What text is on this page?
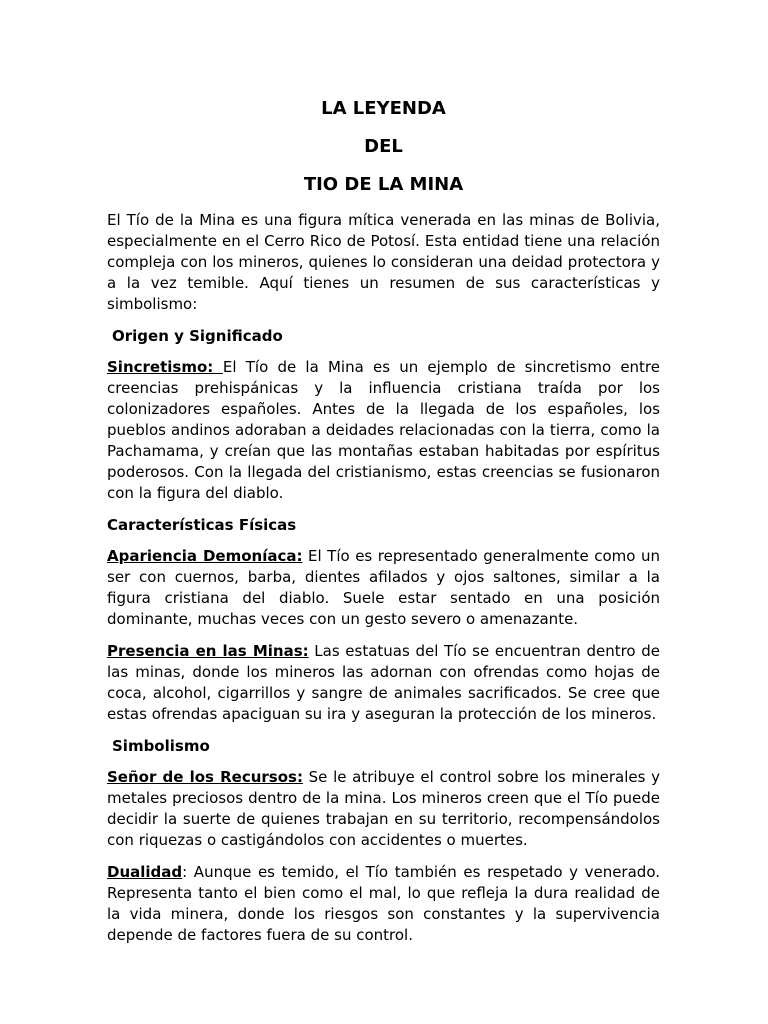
LA LEYENDA
DEL
TIO DE LA MINA

El Tío de la Mina es una figura mítica venerada en las minas de Bolivia, especialmente en el Cerro Rico de Potosí. Esta entidad tiene una relación compleja con los mineros, quienes lo consideran una deidad protectora y a la vez temible. Aquí tienes un resumen de sus características y simbolismo:

Origen y Significado

Sincretismo: El Tío de la Mina es un ejemplo de sincretismo entre creencias prehispánicas y la influencia cristiana traída por los colonizadores españoles. Antes de la llegada de los españoles, los pueblos andinos adoraban a deidades relacionadas con la tierra, como la Pachamama, y creían que las montañas estaban habitadas por espíritus poderosos. Con la llegada del cristianismo, estas creencias se fusionaron con la figura del diablo.

Características Físicas

Apariencia Demoníaca: El Tío es representado generalmente como un ser con cuernos, barba, dientes afilados y ojos saltones, similar a la figura cristiana del diablo. Suele estar sentado en una posición dominante, muchas veces con un gesto severo o amenazante.

Presencia en las Minas: Las estatuas del Tío se encuentran dentro de las minas, donde los mineros las adornan con ofrendas como hojas de coca, alcohol, cigarrillos y sangre de animales sacrificados. Se cree que estas ofrendas apaciguan su ira y aseguran la protección de los mineros.

Simbolismo

Señor de los Recursos: Se le atribuye el control sobre los minerales y metales preciosos dentro de la mina. Los mineros creen que el Tío puede decidir la suerte de quienes trabajan en su territorio, recompensándolos con riquezas o castigándolos con accidentes o muertes.

Dualidad: Aunque es temido, el Tío también es respetado y venerado. Representa tanto el bien como el mal, lo que refleja la dura realidad de la vida minera, donde los riesgos son constantes y la supervivencia depende de factores fuera de su control.
